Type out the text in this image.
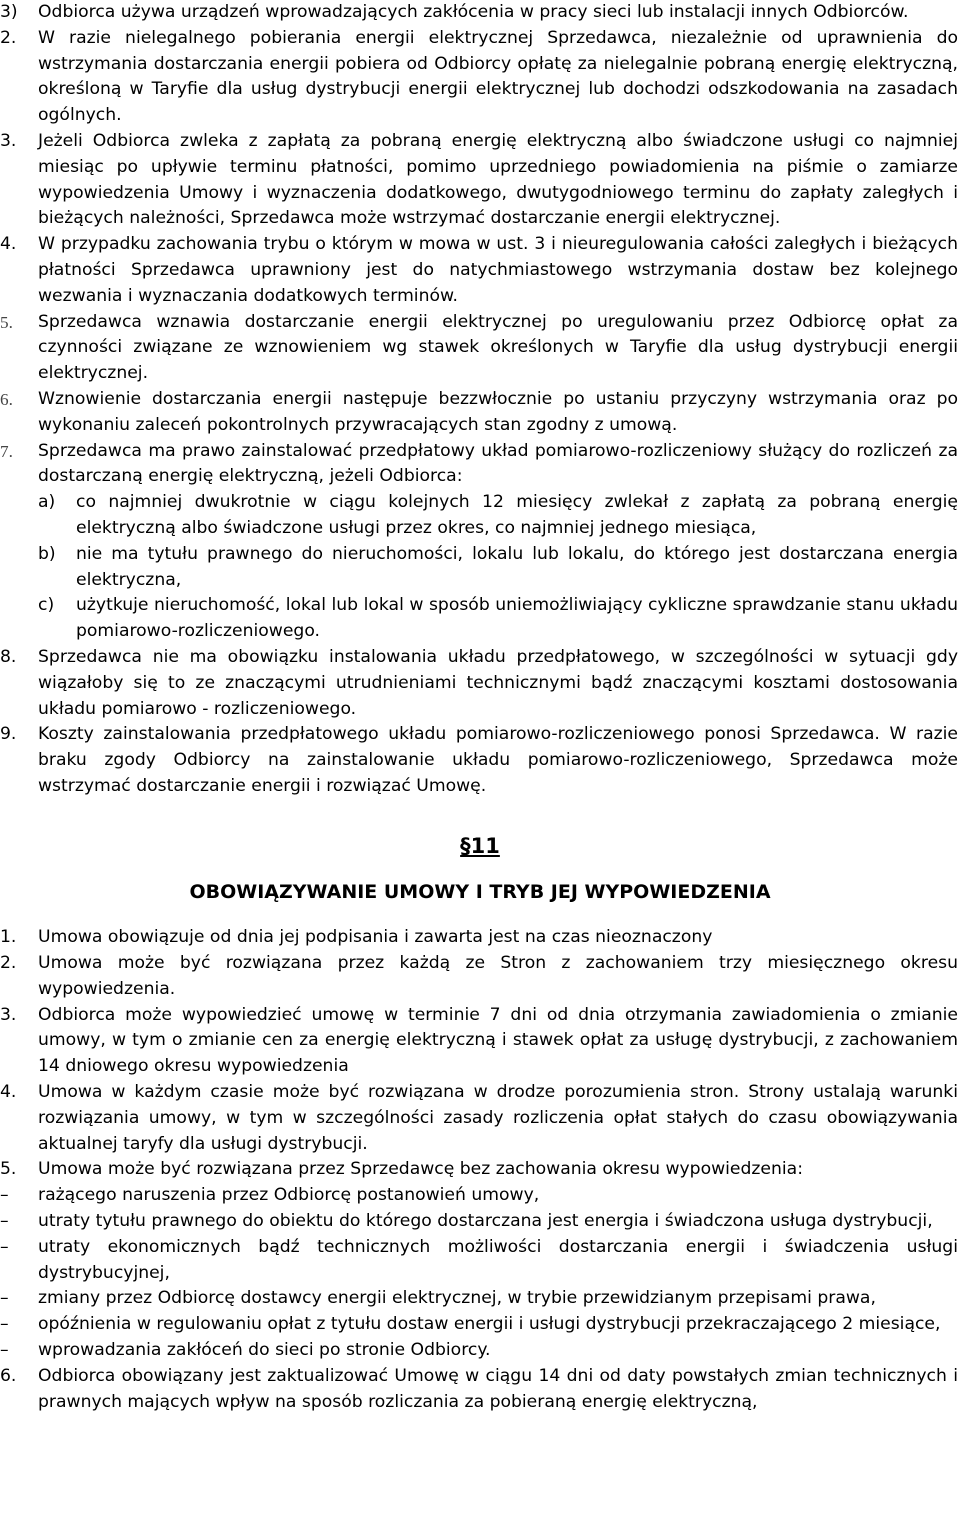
3)	Odbiorca używa urządzeń wprowadzających zakłócenia w pracy sieci lub instalacji innych Odbiorców.
2.	W razie nielegalnego pobierania energii elektrycznej Sprzedawca, niezależnie od uprawnienia do wstrzymania dostarczania energii pobiera od Odbiorcy opłatę za nielegalnie pobraną energię elektryczną, określoną w Taryfie dla usług dystrybucji energii elektrycznej lub dochodzi odszkodowania na zasadach ogólnych.
3.	Jeżeli Odbiorca zwleka z zapłatą za pobraną energię elektryczną albo świadczone usługi co najmniej miesiąc po upływie terminu płatności, pomimo uprzedniego powiadomienia na piśmie o zamiarze wypowiedzenia Umowy i wyznaczenia dodatkowego, dwutygodniowego terminu do zapłaty zaległych i bieżących należności, Sprzedawca może wstrzymać dostarczanie energii elektrycznej.
4.	W przypadku zachowania trybu o którym w mowa w ust. 3 i nieuregulowania całości zaległych i bieżących płatności Sprzedawca uprawniony jest do natychmiastowego wstrzymania dostaw bez kolejnego wezwania i wyznaczania dodatkowych terminów.
5.	Sprzedawca wznawia dostarczanie energii elektrycznej po uregulowaniu przez Odbiorcę opłat za czynności związane ze wznowieniem wg stawek określonych w Taryfie dla usług dystrybucji energii elektrycznej.
6.	Wznowienie dostarczania energii następuje bezzwłocznie po ustaniu przyczyny wstrzymania oraz po wykonaniu zaleceń pokontrolnych przywracających stan zgodny z umową.
7.	Sprzedawca ma prawo zainstalować przedpłatowy układ pomiarowo-rozliczeniowy służący do rozliczeń za dostarczaną energię elektryczną, jeżeli Odbiorca:
a)	co najmniej dwukrotnie w ciągu kolejnych 12 miesięcy zwlekał z zapłatą za pobraną energię elektryczną albo świadczone usługi przez okres, co najmniej jednego miesiąca,
b)	nie ma tytułu prawnego do nieruchomości, lokalu lub lokalu, do którego jest dostarczana energia elektryczna,
c)	użytkuje nieruchomość, lokal lub lokal w sposób uniemożliwiający cykliczne sprawdzanie stanu układu pomiarowo-rozliczeniowego.
8.	Sprzedawca nie ma obowiązku instalowania układu przedpłatowego, w szczególności w sytuacji gdy wiązałoby się to ze znaczącymi utrudnieniami technicznymi bądź znaczącymi kosztami dostosowania układu pomiarowo - rozliczeniowego.
9.	Koszty zainstalowania przedpłatowego układu pomiarowo-rozliczeniowego ponosi Sprzedawca. W razie braku zgody Odbiorcy na zainstalowanie układu pomiarowo-rozliczeniowego, Sprzedawca może wstrzymać dostarczanie energii i rozwiązać Umowę.
§11
OBOWIĄZYWANIE UMOWY I TRYB JEJ WYPOWIEDZENIA
1.	Umowa obowiązuje od dnia jej podpisania i zawarta jest na czas nieoznaczony
2.	Umowa może być rozwiązana przez każdą ze Stron z zachowaniem trzy miesięcznego okresu wypowiedzenia.
3.	Odbiorca może wypowiedzieć umowę w terminie 7 dni od dnia otrzymania zawiadomienia o zmianie umowy, w tym o zmianie cen za energię elektryczną i stawek opłat za usługę dystrybucji, z zachowaniem 14 dniowego okresu wypowiedzenia
4.	Umowa w każdym czasie może być rozwiązana w drodze porozumienia stron. Strony ustalają warunki rozwiązania umowy, w tym w szczególności zasady rozliczenia opłat stałych do czasu obowiązywania aktualnej taryfy dla usługi dystrybucji.
5.	Umowa może być rozwiązana przez Sprzedawcę bez zachowania okresu wypowiedzenia:
–	rażącego naruszenia przez Odbiorcę postanowień umowy,
–	utraty tytułu prawnego do obiektu do którego dostarczana jest energia i świadczona usługa dystrybucji,
–	utraty ekonomicznych bądź technicznych możliwości dostarczania energii i świadczenia usługi dystrybucyjnej,
–	zmiany przez Odbiorcę dostawcy energii elektrycznej, w trybie przewidzianym przepisami prawa,
–	opóźnienia w regulowaniu opłat z tytułu dostaw energii i usługi dystrybucji przekraczającego 2 miesiące,
–	wprowadzania zakłóceń do sieci po stronie Odbiorcy.
6.	Odbiorca obowiązany jest zaktualizować Umowę w ciągu 14 dni od daty powstałych zmian technicznych i prawnych mających wpływ na sposób rozliczania za pobieraną energię elektryczną,
